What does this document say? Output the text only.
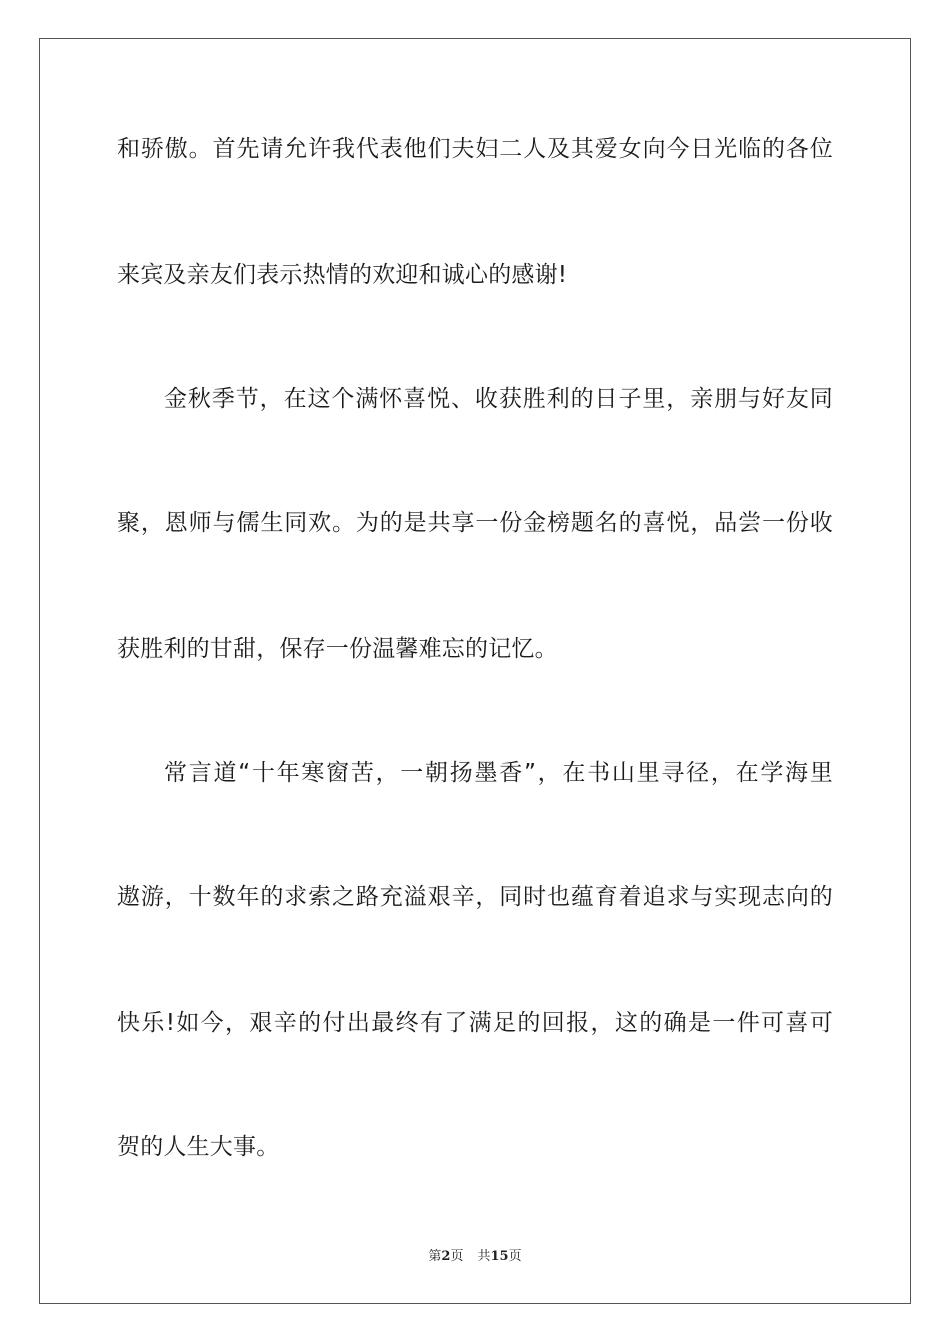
和骄傲。首先请允许我代表他们夫妇二人及其爱女向今日光临的各位
来宾及亲友们表示热情的欢迎和诚心的感谢!
金秋季节，在这个满怀喜悦、收获胜利的日子里，亲朋与好友同
聚，恩师与儒生同欢。为的是共享一份金榜题名的喜悦，品尝一份收
获胜利的甘甜，保存一份温馨难忘的记忆。
常言道“十年寒窗苦，一朝扬墨香”，在书山里寻径，在学海里
遨游，十数年的求索之路充溢艰辛，同时也蕴育着追求与实现志向的
快乐!如今，艰辛的付出最终有了满足的回报，这的确是一件可喜可
贺的人生大事。
第2页 共15页
